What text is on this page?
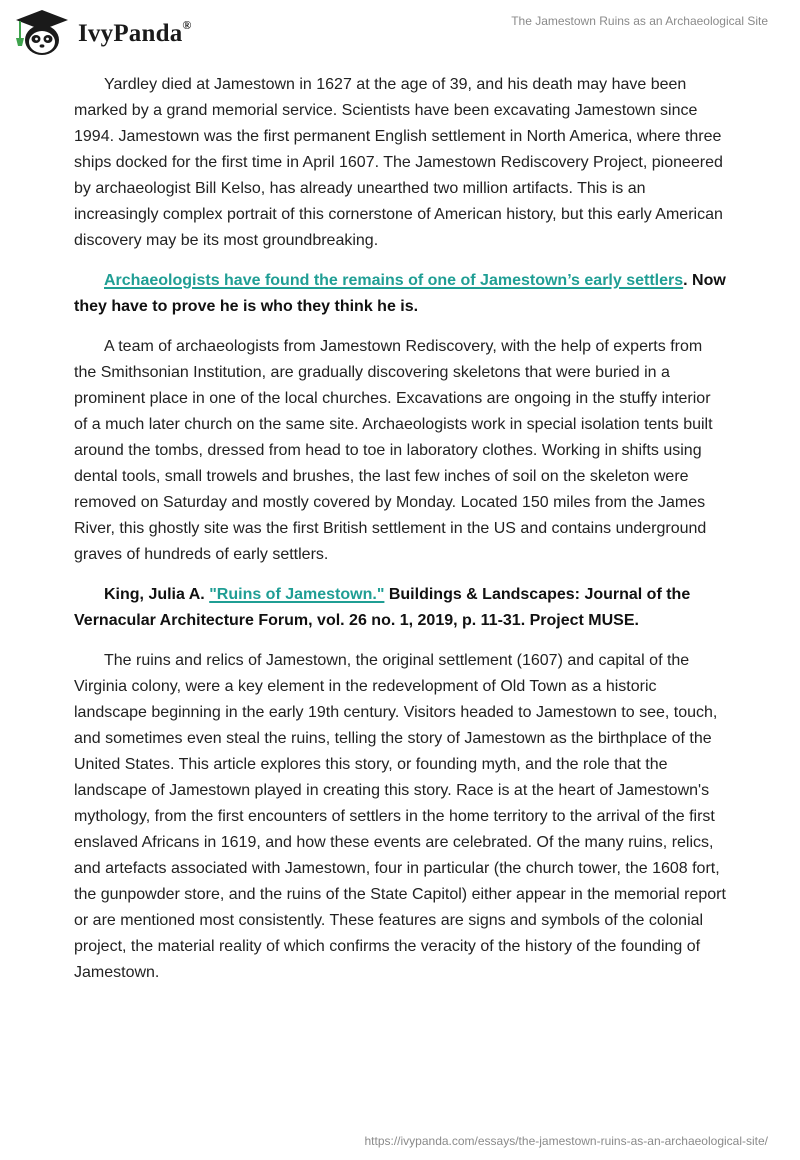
IvyPanda®	The Jamestown Ruins as an Archaeological Site

Yardley died at Jamestown in 1627 at the age of 39, and his death may have been marked by a grand memorial service. Scientists have been excavating Jamestown since 1994. Jamestown was the first permanent English settlement in North America, where three ships docked for the first time in April 1607. The Jamestown Rediscovery Project, pioneered by archaeologist Bill Kelso, has already unearthed two million artifacts. This is an increasingly complex portrait of this cornerstone of American history, but this early American discovery may be its most groundbreaking.

Archaeologists have found the remains of one of Jamestown’s early settlers. Now they have to prove he is who they think he is.

A team of archaeologists from Jamestown Rediscovery, with the help of experts from the Smithsonian Institution, are gradually discovering skeletons that were buried in a prominent place in one of the local churches. Excavations are ongoing in the stuffy interior of a much later church on the same site. Archaeologists work in special isolation tents built around the tombs, dressed from head to toe in laboratory clothes. Working in shifts using dental tools, small trowels and brushes, the last few inches of soil on the skeleton were removed on Saturday and mostly covered by Monday. Located 150 miles from the James River, this ghostly site was the first British settlement in the US and contains underground graves of hundreds of early settlers.

King, Julia A. "Ruins of Jamestown." Buildings & Landscapes: Journal of the Vernacular Architecture Forum, vol. 26 no. 1, 2019, p. 11-31. Project MUSE.

The ruins and relics of Jamestown, the original settlement (1607) and capital of the Virginia colony, were a key element in the redevelopment of Old Town as a historic landscape beginning in the early 19th century. Visitors headed to Jamestown to see, touch, and sometimes even steal the ruins, telling the story of Jamestown as the birthplace of the United States. This article explores this story, or founding myth, and the role that the landscape of Jamestown played in creating this story. Race is at the heart of Jamestown's mythology, from the first encounters of settlers in the home territory to the arrival of the first enslaved Africans in 1619, and how these events are celebrated. Of the many ruins, relics, and artefacts associated with Jamestown, four in particular (the church tower, the 1608 fort, the gunpowder store, and the ruins of the State Capitol) either appear in the memorial report or are mentioned most consistently. These features are signs and symbols of the colonial project, the material reality of which confirms the veracity of the history of the founding of Jamestown.

https://ivypanda.com/essays/the-jamestown-ruins-as-an-archaeological-site/
